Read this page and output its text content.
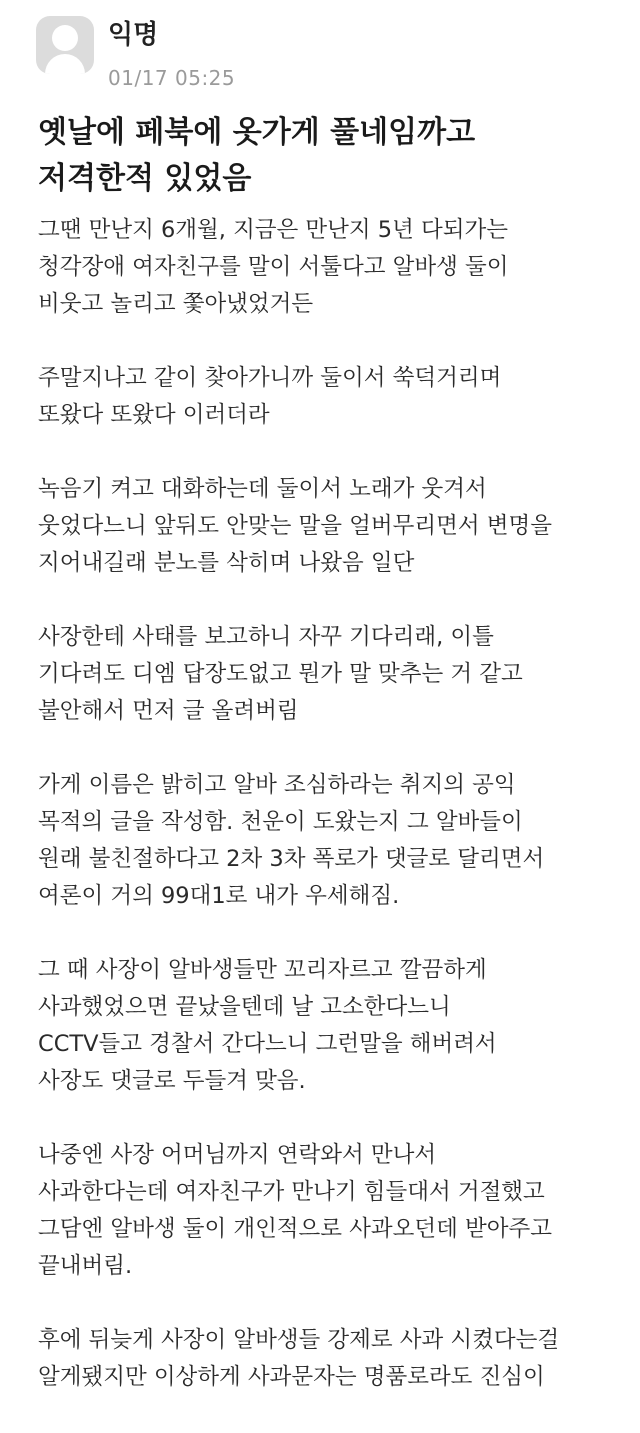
익명
01/17 05:25
옛날에 페북에 옷가게 풀네임까고
저격한적 있었음
그땐 만난지 6개월, 지금은 만난지 5년 다되가는
청각장애 여자친구를 말이 서툴다고 알바생 둘이
비웃고 놀리고 쫓아냈었거든
주말지나고 같이 찾아가니까 둘이서 쑥덕거리며
또왔다 또왔다 이러더라
녹음기 켜고 대화하는데 둘이서 노래가 웃겨서
웃었다느니 앞뒤도 안맞는 말을 얼버무리면서 변명을
지어내길래 분노를 삭히며 나왔음 일단
사장한테 사태를 보고하니 자꾸 기다리래, 이틀
기다려도 디엠 답장도없고 뭔가 말 맞추는 거 같고
불안해서 먼저 글 올려버림
가게 이름은 밝히고 알바 조심하라는 취지의 공익
목적의 글을 작성함. 천운이 도왔는지 그 알바들이
원래 불친절하다고 2차 3차 폭로가 댓글로 달리면서
여론이 거의 99대1로 내가 우세해짐.
그 때 사장이 알바생들만 꼬리자르고 깔끔하게
사과했었으면 끝났을텐데 날 고소한다느니
CCTV들고 경찰서 간다느니 그런말을 해버려서
사장도 댓글로 두들겨 맞음.
나중엔 사장 어머님까지 연락와서 만나서
사과한다는데 여자친구가 만나기 힘들대서 거절했고
그담엔 알바생 둘이 개인적으로 사과오던데 받아주고
끝내버림.
후에 뒤늦게 사장이 알바생들 강제로 사과 시켰다는걸
알게됐지만 이상하게 사과문자는 명품로라도 진심이
